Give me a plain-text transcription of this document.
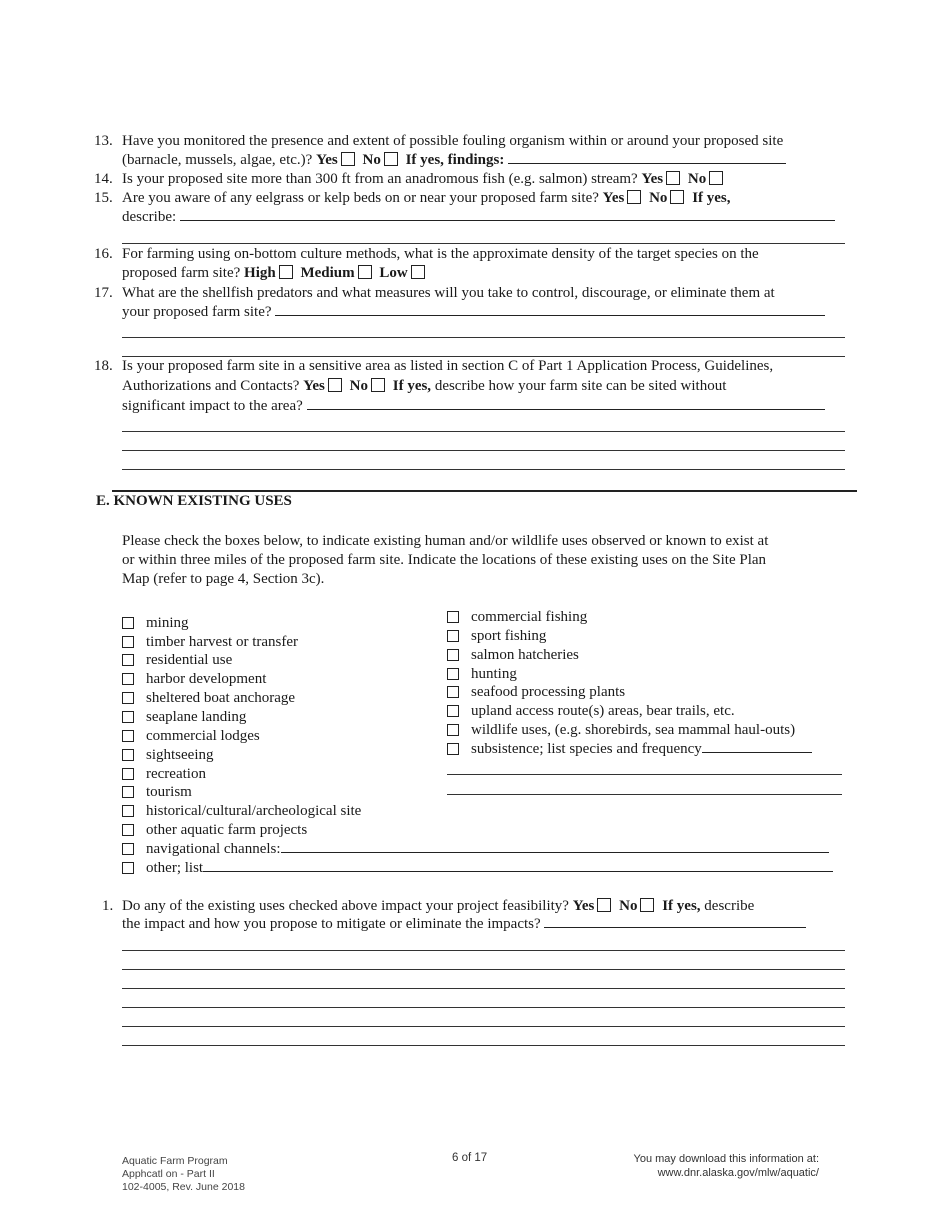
13. Have you monitored the presence and extent of possible fouling organism within or around your proposed site
(barnacle, mussels, algae, etc.)? Yes No If yes, findings:
14. Is your proposed site more than 300 ft from an anadromous fish (e.g. salmon) stream? Yes No
15. Are you aware of any eelgrass or kelp beds on or near your proposed farm site? Yes No If yes,
describe:
16. For farming using on-bottom culture methods, what is the approximate density of the target species on the
proposed farm site? High Medium Low
17. What are the shellfish predators and what measures will you take to control, discourage, or eliminate them at
your proposed farm site?
18. Is your proposed farm site in a sensitive area as listed in section C of Part 1 Application Process, Guidelines,
Authorizations and Contacts? Yes No If yes, describe how your farm site can be sited without
significant impact to the area?
E. KNOWN EXISTING USES
Please check the boxes below, to indicate existing human and/or wildlife uses observed or known to exist at
or within three miles of the proposed farm site. Indicate the locations of these existing uses on the Site Plan
Map (refer to page 4, Section 3c).
mining
timber harvest or transfer
residential use
harbor development
sheltered boat anchorage
seaplane landing
commercial lodges
sightseeing
recreation
tourism
historical/cultural/archeological site
other aquatic farm projects
navigational channels:
other; list
commercial fishing
sport fishing
salmon hatcheries
hunting
seafood processing plants
upland access route(s) areas, bear trails, etc.
wildlife uses, (e.g. shorebirds, sea mammal haul-outs)
subsistence; list species and frequency
1. Do any of the existing uses checked above impact your project feasibility? Yes No If yes, describe
the impact and how you propose to mitigate or eliminate the impacts?
Aquatic Farm Program
Apphcatl on - Part II
102-4005, Rev. June 2018
6 of 17	You may download this information at:
www.dnr.alaska.gov/mlw/aquatic/
